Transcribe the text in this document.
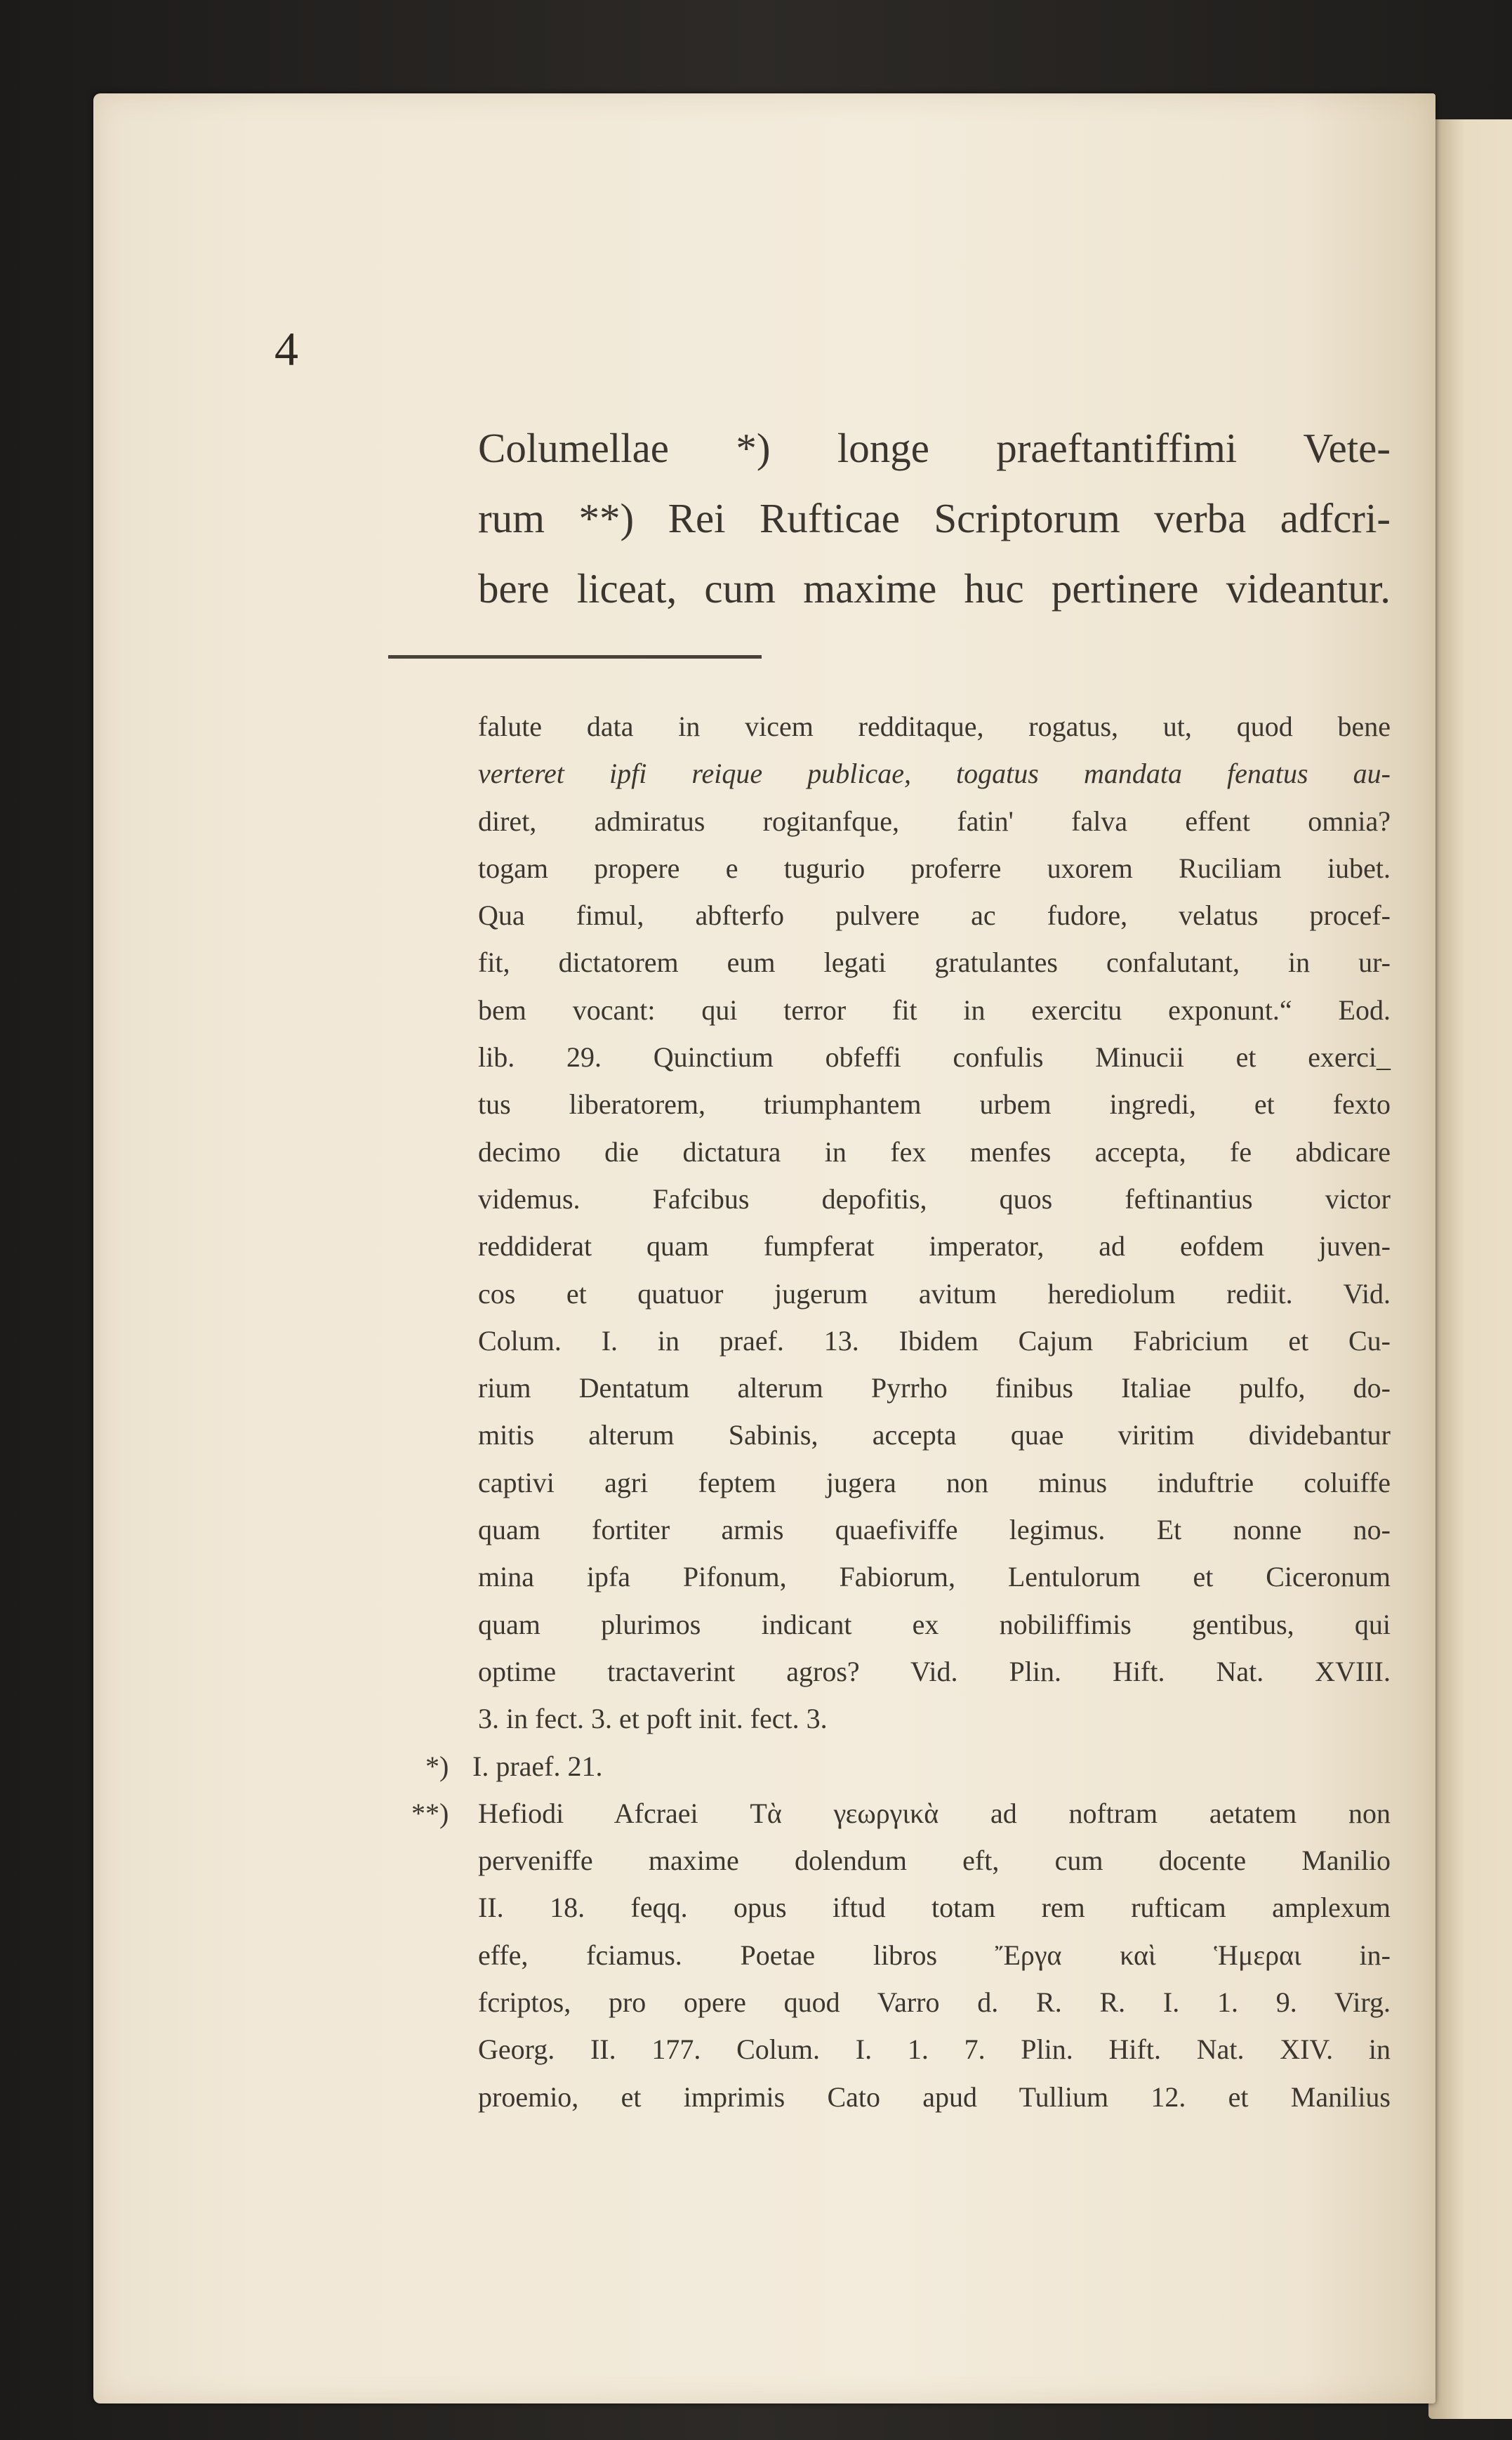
4

Columellae *) longe praeftantiffimi Vete-
rum **) Rei Rufticae Scriptorum verba adfcri-
bere liceat, cum maxime huc pertinere videantur.

falute data in vicem redditaque, rogatus, ut, quod bene
verteret ipfi reique publicae, togatus mandata fenatus au-
diret, admiratus rogitanfque, fatin' falva effent omnia?
togam propere e tugurio proferre uxorem Ruciliam iubet.
Qua fimul, abfterfo pulvere ac fudore, velatus procef-
fit, dictatorem eum legati gratulantes confalutant, in ur-
bem vocant: qui terror fit in exercitu exponunt.“ Eod.
lib. 29. Quinctium obfeffi confulis Minucii et exerci_
tus liberatorem, triumphantem urbem ingredi, et fexto
decimo die dictatura in fex menfes accepta, fe abdicare
videmus. Fafcibus depofitis, quos feftinantius victor
reddiderat quam fumpferat imperator, ad eofdem juven-
cos et quatuor jugerum avitum herediolum rediit. Vid.
Colum. I. in praef. 13. Ibidem Cajum Fabricium et Cu-
rium Dentatum alterum Pyrrho finibus Italiae pulfo, do-
mitis alterum Sabinis, accepta quae viritim dividebantur
captivi agri feptem jugera non minus induftrie coluiffe
quam fortiter armis quaefiviffe legimus. Et nonne no-
mina ipfa Pifonum, Fabiorum, Lentulorum et Ciceronum
quam plurimos indicant ex nobiliffimis gentibus, qui
optime tractaverint agros? Vid. Plin. Hift. Nat. XVIII.
3. in fect. 3. et poft init. fect. 3.
*) I. praef. 21.
**) Hefiodi Afcraei Τὰ γεωργικὰ ad noftram aetatem non
perveniffe maxime dolendum eft, cum docente Manilio
II. 18. feqq. opus iftud totam rem rufticam amplexum
effe, fciamus. Poetae libros Ἔργα καὶ Ἡμεραι in-
fcriptos, pro opere quod Varro d. R. R. I. 1. 9. Virg.
Georg. II. 177. Colum. I. 1. 7. Plin. Hift. Nat. XIV. in
proemio, et imprimis Cato apud Tullium 12. et Manilius
